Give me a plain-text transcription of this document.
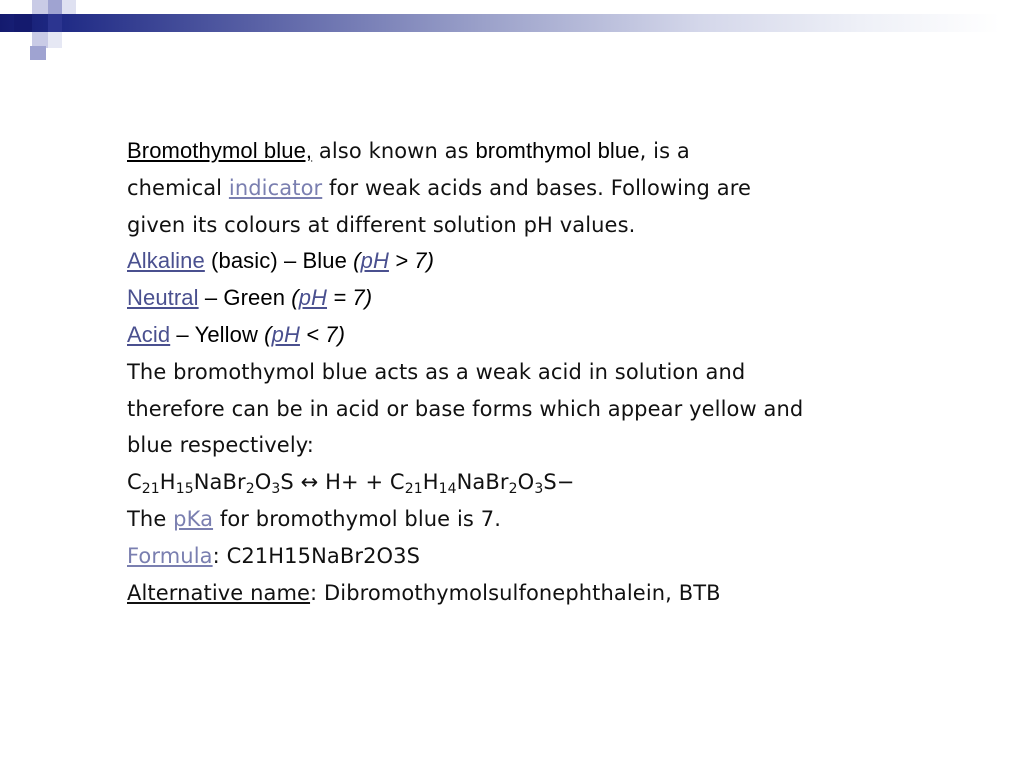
Bromothymol blue, also known as bromthymol blue, is a
chemical indicator for weak acids and bases. Following are
given its colours at different solution pH values.
Alkaline (basic) – Blue (pH > 7)
Neutral – Green (pH = 7)
Acid – Yellow (pH < 7)
The bromothymol blue acts as a weak acid in solution and
therefore can be in acid or base forms which appear yellow and
blue respectively:
$C_{21}H_{15}NaBr_2O_3S$ ↔ $H+ + C_{21}H_{14}NaBr_2O_3S-$
The pKa for bromothymol blue is 7.
Formula: C21H15NaBr2O3S
Alternative name: Dibromothymolsulfonephthalein, BTB
